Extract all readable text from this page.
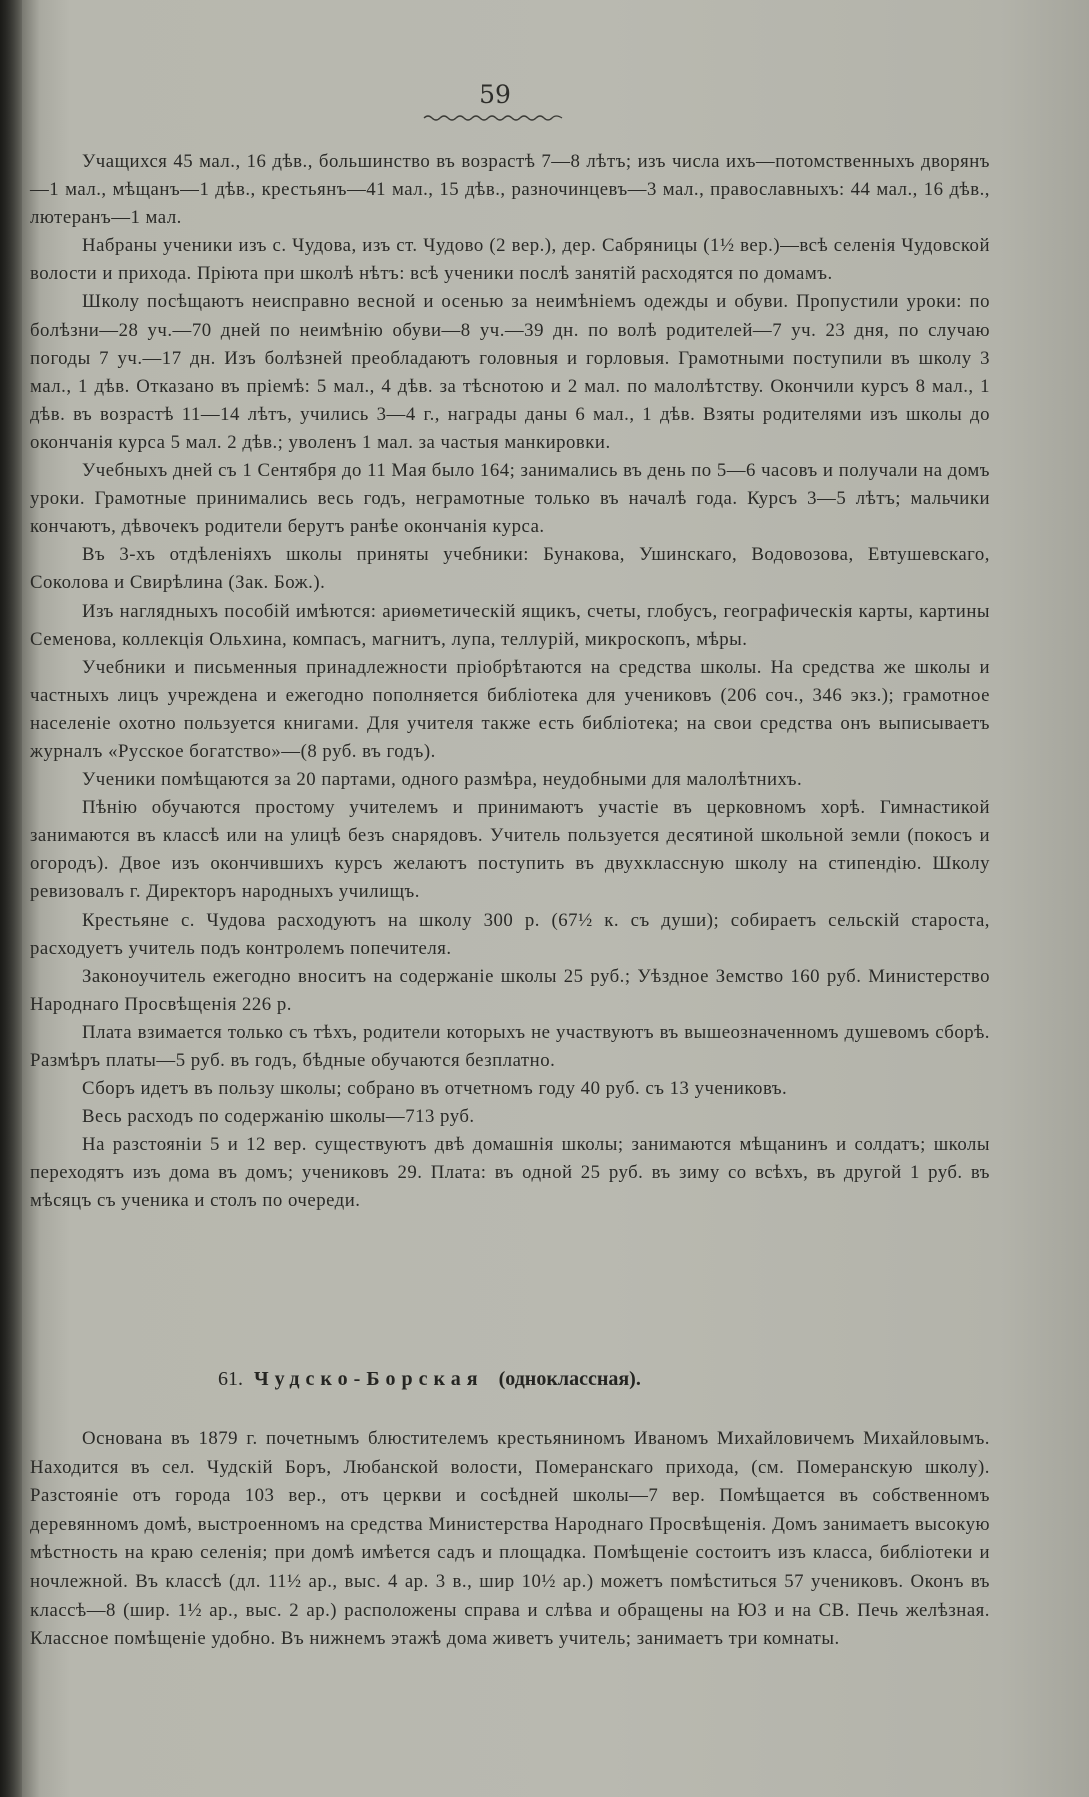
59

Учащихся 45 мал., 16 дѣв., большинство въ возрастѣ 7—8 лѣтъ; изъ числа ихъ—потомственныхъ дворянъ—1 мал., мѣщанъ—1 дѣв., крестьянъ—41 мал., 15 дѣв., разночинцевъ—3 мал., православныхъ: 44 мал., 16 дѣв., лютеранъ—1 мал.

Набраны ученики изъ с. Чудова, изъ ст. Чудово (2 вер.), дер. Сабряницы (1½ вер.)—всѣ селенія Чудовской волости и прихода. Пріюта при школѣ нѣтъ: всѣ ученики послѣ занятій расходятся по домамъ.

Школу посѣщаютъ неисправно весной и осенью за неимѣніемъ одежды и обуви. Пропустили уроки: по болѣзни—28 уч.—70 дней по неимѣнію обуви—8 уч.—39 дн. по волѣ родителей—7 уч. 23 дня, по случаю погоды 7 уч.—17 дн. Изъ болѣзней преобладаютъ головныя и горловыя. Грамотными поступили въ школу 3 мал., 1 дѣв. Отказано въ пріемѣ: 5 мал., 4 дѣв. за тѣснотою и 2 мал. по малолѣтству. Окончили курсъ 8 мал., 1 дѣв. въ возрастѣ 11—14 лѣтъ, учились 3—4 г., награды даны 6 мал., 1 дѣв. Взяты родителями изъ школы до окончанія курса 5 мал. 2 дѣв.; уволенъ 1 мал. за частыя манкировки.

Учебныхъ дней съ 1 Сентября до 11 Мая было 164; занимались въ день по 5—6 часовъ и получали на домъ уроки. Грамотные принимались весь годъ, неграмотные только въ началѣ года. Курсъ 3—5 лѣтъ; мальчики кончаютъ, дѣвочекъ родители берутъ ранѣе окончанія курса.

Въ 3-хъ отдѣленіяхъ школы приняты учебники: Бунакова, Ушинскаго, Водовозова, Евтушевскаго, Соколова и Свирѣлина (Зак. Бож.).

Изъ наглядныхъ пособій имѣются: ариѳметическій ящикъ, счеты, глобусъ, географическія карты, картины Семенова, коллекція Ольхина, компасъ, магнитъ, лупа, теллурій, микроскопъ, мѣры.

Учебники и письменныя принадлежности пріобрѣтаются на средства школы. На средства же школы и частныхъ лицъ учреждена и ежегодно пополняется библіотека для учениковъ (206 соч., 346 экз.); грамотное населеніе охотно пользуется книгами. Для учителя также есть библіотека; на свои средства онъ выписываетъ журналъ «Русское богатство»—(8 руб. въ годъ).

Ученики помѣщаются за 20 партами, одного размѣра, неудобными для малолѣтнихъ.

Пѣнію обучаются простому учителемъ и принимаютъ участіе въ церковномъ хорѣ. Гимнастикой занимаются въ классѣ или на улицѣ безъ снарядовъ. Учитель пользуется десятиной школьной земли (покосъ и огородъ). Двое изъ окончившихъ курсъ желаютъ поступить въ двухклассную школу на стипендію. Школу ревизовалъ г. Директоръ народныхъ училищъ.

Крестьяне с. Чудова расходуютъ на школу 300 р. (67½ к. съ души); собираетъ сельскій староста, расходуетъ учитель подъ контролемъ попечителя.

Законоучитель ежегодно вноситъ на содержаніе школы 25 руб.; Уѣздное Земство 160 руб. Министерство Народнаго Просвѣщенія 226 р.

Плата взимается только съ тѣхъ, родители которыхъ не участвуютъ въ вышеозначенномъ душевомъ сборѣ. Размѣръ платы—5 руб. въ годъ, бѣдные обучаются безплатно.

Сборъ идетъ въ пользу школы; собрано въ отчетномъ году 40 руб. съ 13 учениковъ.

Весь расходъ по содержанію школы—713 руб.

На разстояніи 5 и 12 вер. существуютъ двѣ домашнія школы; занимаются мѣщанинъ и солдатъ; школы переходятъ изъ дома въ домъ; учениковъ 29. Плата: въ одной 25 руб. въ зиму со всѣхъ, въ другой 1 руб. въ мѣсяцъ съ ученика и столъ по очереди.

61. Чудско-Борская (одноклассная).

Основана въ 1879 г. почетнымъ блюстителемъ крестьяниномъ Иваномъ Михайловичемъ Михайловымъ. Находится въ сел. Чудскій Боръ, Любанской волости, Померанскаго прихода, (см. Померанскую школу). Разстояніе отъ города 103 вер., отъ церкви и сосѣдней школы—7 вер. Помѣщается въ собственномъ деревянномъ домѣ, выстроенномъ на средства Министерства Народнаго Просвѣщенія. Домъ занимаетъ высокую мѣстность на краю селенія; при домѣ имѣется садъ и площадка. Помѣщеніе состоитъ изъ класса, библіотеки и ночлежной. Въ классѣ (дл. 11½ ар., выс. 4 ар. 3 в., шир 10½ ар.) можетъ помѣститься 57 учениковъ. Оконъ въ классѣ—8 (шир. 1½ ар., выс. 2 ар.) расположены справа и слѣва и обращены на ЮЗ и на СВ. Печь желѣзная. Классное помѣщеніе удобно. Въ нижнемъ этажѣ дома живетъ учитель; занимаетъ три комнаты.
